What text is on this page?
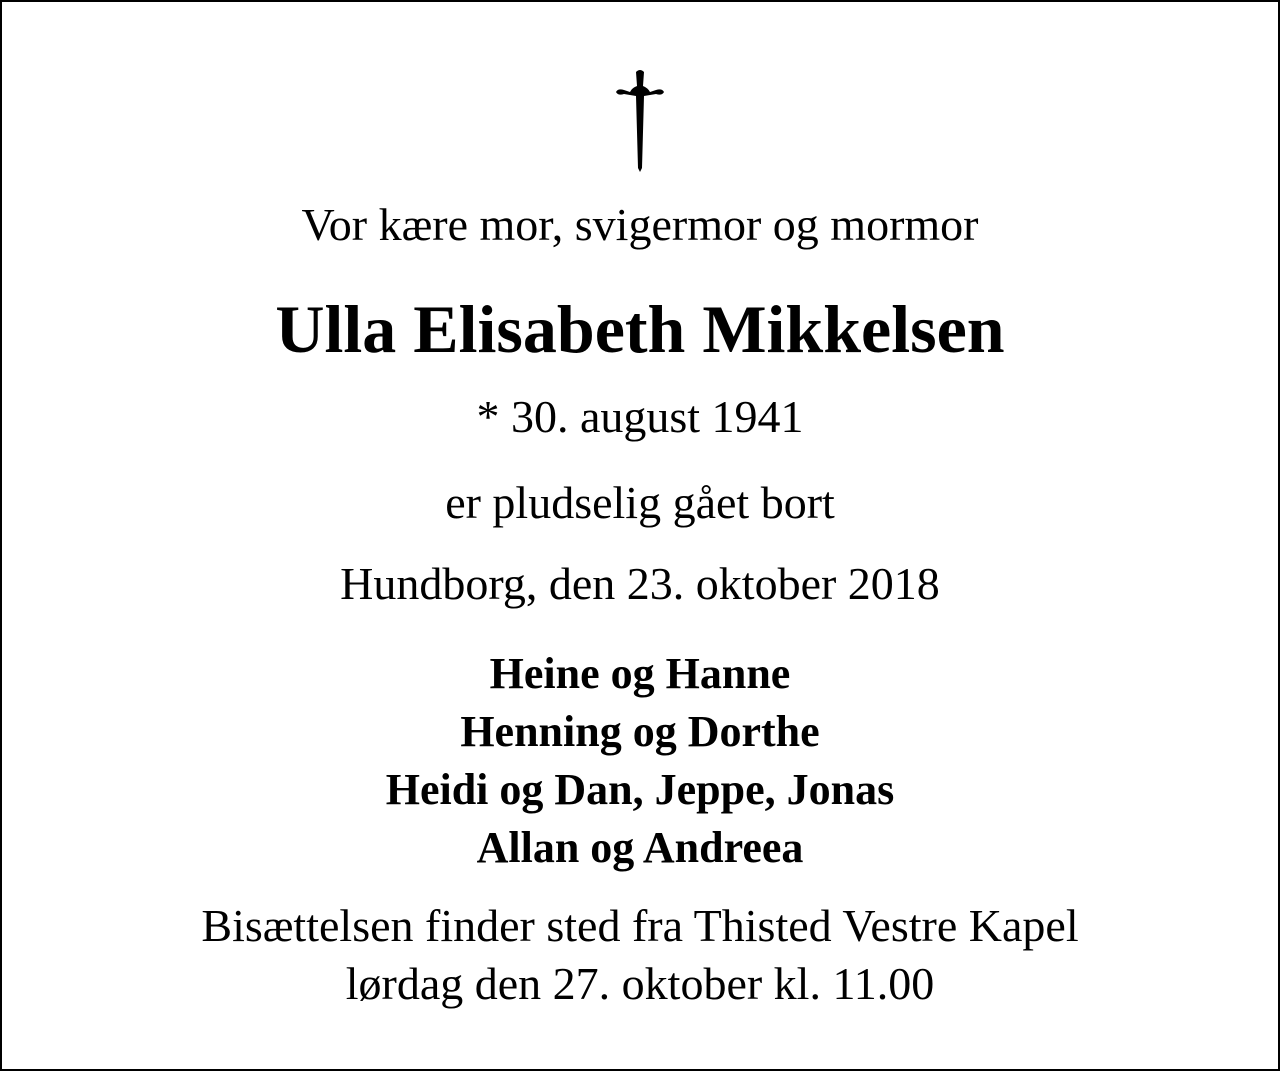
Vor kære mor, svigermor og mormor
Ulla Elisabeth Mikkelsen
* 30. august 1941
er pludselig gået bort
Hundborg, den 23. oktober 2018
Heine og Hanne
Henning og Dorthe
Heidi og Dan, Jeppe, Jonas
Allan og Andreea
Bisættelsen finder sted fra Thisted Vestre Kapel
lørdag den 27. oktober kl. 11.00
